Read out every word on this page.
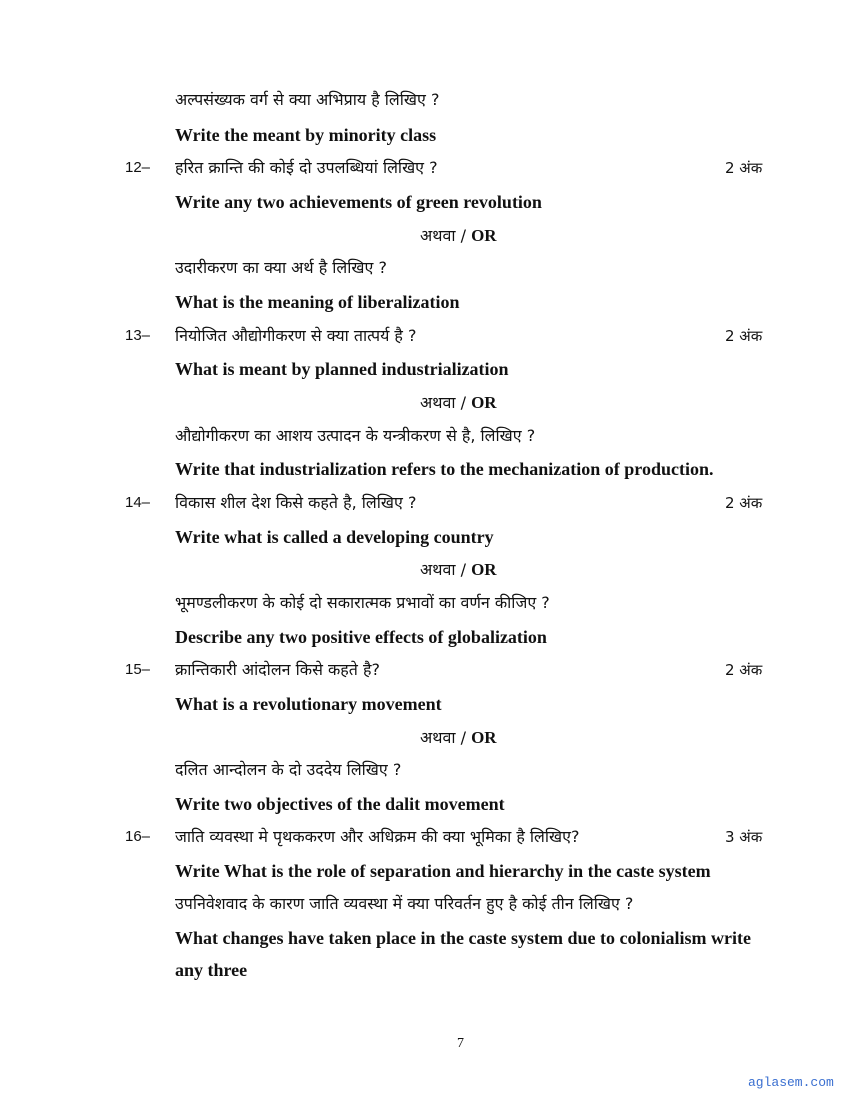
अल्पसंख्यक वर्ग से क्या अभिप्राय है लिखिए ?
Write the meant by minority class
12– हरित क्रान्ति की कोई दो उपलब्धियां लिखिए ?	2 अंक
Write any two achievements of green revolution
अथवा / OR
उदारीकरण का क्या अर्थ है लिखिए ?
What is the meaning of liberalization
13– नियोजित औद्योगीकरण से क्या तात्पर्य है ?	2 अंक
What is meant by planned industrialization
अथवा / OR
औद्योगीकरण का आशय उत्पादन के यन्त्रीकरण से है, लिखिए ?
Write that industrialization refers to the mechanization of production.
14– विकास शील देश किसे कहते है, लिखिए ?	2 अंक
Write what is called a developing country
अथवा / OR
भूमण्डलीकरण के कोई दो सकारात्मक प्रभावों का वर्णन कीजिए ?
Describe any two positive effects of globalization
15– क्रान्तिकारी आंदोलन किसे कहते है?	2 अंक
What is a revolutionary movement
अथवा / OR
दलित आन्दोलन के दो उददेय लिखिए ?
Write two objectives of the dalit movement
16– जाति व्यवस्था मे पृथककरण और अधिक्रम की क्या भूमिका है लिखिए?	3 अंक
Write What is the role of separation and hierarchy in the caste system
उपनिवेशवाद के कारण जाति व्यवस्था में क्या परिवर्तन हुए है कोई तीन लिखिए ?
What changes have taken place in the caste system due to colonialism write
any three
7
aglasem.com
